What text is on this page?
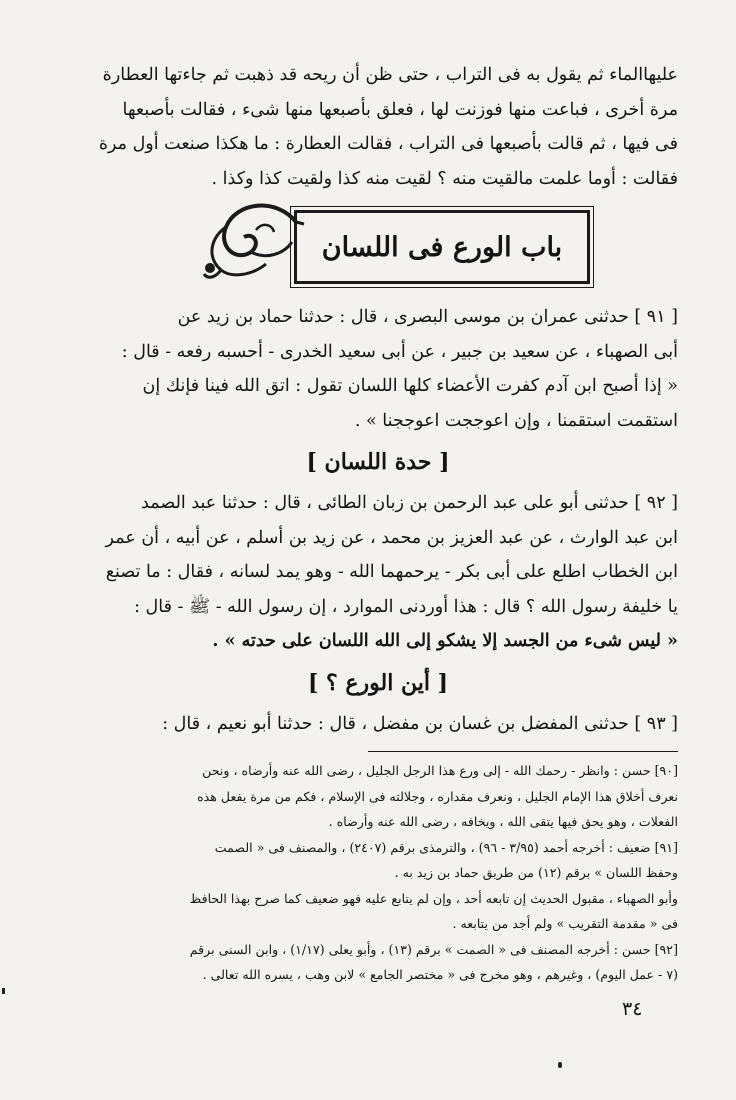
عليهاالماء ثم يقول به فى التراب ، حتى ظن أن ريحه قد ذهبت ثم جاءتها العطارة

مرة أخرى ، فباعت منها فوزنت لها ، فعلق بأصبعها منها شىء ، فقالت بأصبعها

فى فيها ، ثم قالت بأصبعها فى التراب ، فقالت العطارة : ما هكذا صنعت أول مرة

فقالت : أوما علمت مالقيت منه ؟ لقيت منه كذا ولقيت كذا وكذا .

باب الورع فى اللسان

[ ٩١ ] حدثنى عمران بن موسى البصرى ، قال : حدثنا حماد بن زيد عن

أبى الصهباء ، عن سعيد بن جبير ، عن أبى سعيد الخدرى - أحسبه رفعه - قال :

« إذا أصبح ابن آدم كفرت الأعضاء كلها اللسان تقول : اتق الله فينا فإنك إن

استقمت استقمنا ، وإن اعوججت اعوججنا » .

[ حدة اللسان ]

[ ٩٢ ] حدثنى أبو على عبد الرحمن بن زبان الطائى ، قال : حدثنا عبد الصمد

ابن عبد الوارث ، عن عبد العزيز بن محمد ، عن زيد بن أسلم ، عن أبيه ، أن عمر

ابن الخطاب اطلع على أبى بكر - يرحمهما الله - وهو يمد لسانه ، فقال : ما تصنع

يا خليفة رسول الله ؟ قال : هذا أوردنى الموارد ، إن رسول الله - ﷺ - قال :

« ليس شىء من الجسد إلا يشكو إلى الله اللسان على حدته » .

[ أين الورع ؟ ]

[ ٩٣ ] حدثنى المفضل بن غسان بن مفضل ، قال : حدثنا أبو نعيم ، قال :

[٩٠] حسن : وانظر - رحمك الله - إلى ورع هذا الرجل الجليل ، رضى الله عنه وأرضاه ، ونحن

نعرف أخلاق هذا الإمام الجليل ، ونعرف مقداره ، وجلالته فى الإسلام ، فكم من مرة يفعل هذه

الفعلات ، وهو يحق فيها يتقى الله ، ويخافه ، رضى الله عنه وأرضاه .

[٩١] ضعيف : أخرجه أحمد (٣/٩٥ - ٩٦) ، والترمذى برقم (٢٤٠٧) ، والمصنف فى « الصمت

وحفظ اللسان » برقم (١٢) من طريق حماد بن زيد به .

وأبو الصهباء ، مقبول الحديث إن تابعه أحد ، وإن لم يتابع عليه فهو ضعيف كما صرح بهذا الحافظ

فى « مقدمة التقريب » ولم أجد من يتابعه .

[٩٢] حسن : أخرجه المصنف فى « الصمت » برقم (١٣) ، وأبو يعلى (١/١٧) ، وابن السنى برقم

(٧ - عمل اليوم) ، وغيرهم ، وهو مخرج فى « مختصر الجامع » لابن وهب ، يسره الله تعالى .

٣٤
